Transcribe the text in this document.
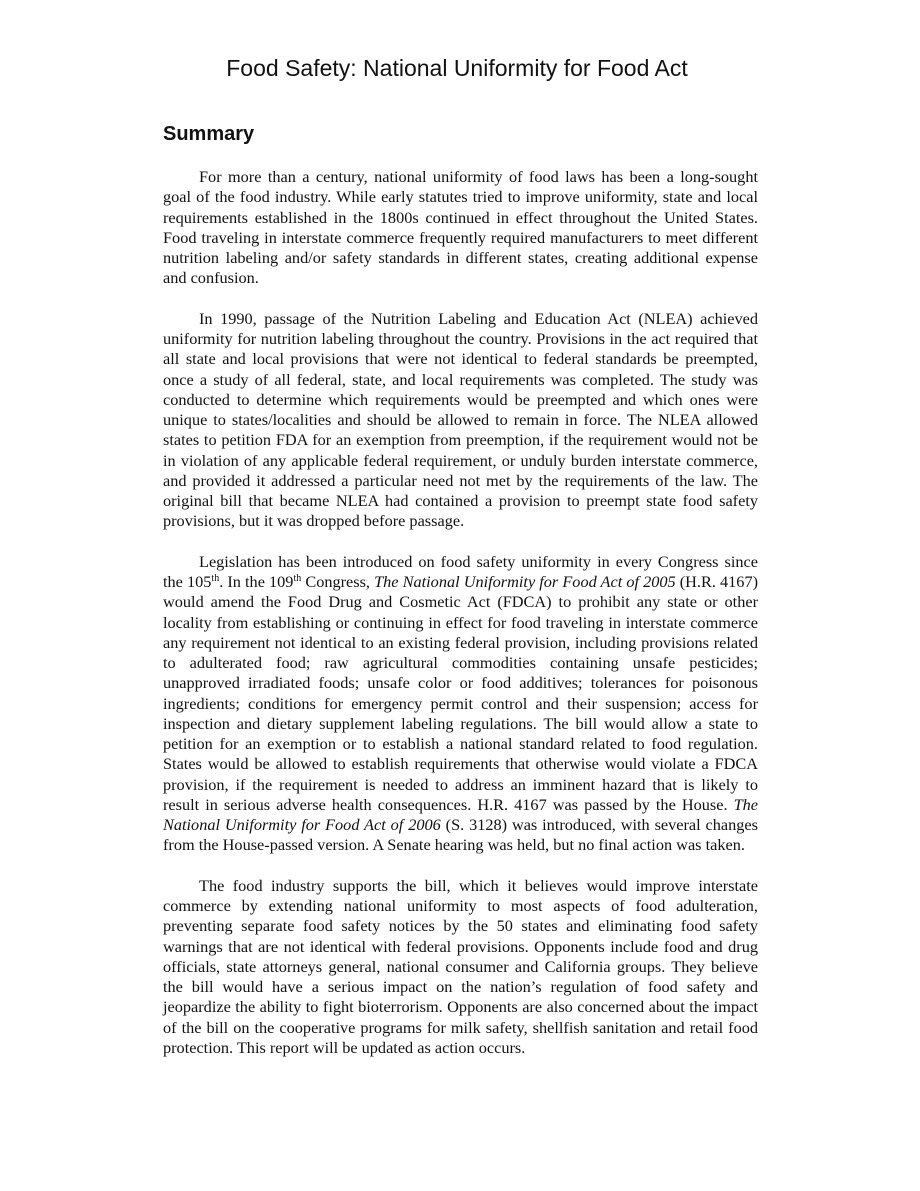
Food Safety: National Uniformity for Food Act
Summary

For more than a century, national uniformity of food laws has been a long-sought goal of the food industry. While early statutes tried to improve uniformity, state and local requirements established in the 1800s continued in effect throughout the United States. Food traveling in interstate commerce frequently required manufacturers to meet different nutrition labeling and/or safety standards in different states, creating additional expense and confusion.

In 1990, passage of the Nutrition Labeling and Education Act (NLEA) achieved uniformity for nutrition labeling throughout the country. Provisions in the act required that all state and local provisions that were not identical to federal standards be preempted, once a study of all federal, state, and local requirements was completed. The study was conducted to determine which requirements would be preempted and which ones were unique to states/localities and should be allowed to remain in force. The NLEA allowed states to petition FDA for an exemption from preemption, if the requirement would not be in violation of any applicable federal requirement, or unduly burden interstate commerce, and provided it addressed a particular need not met by the requirements of the law. The original bill that became NLEA had contained a provision to preempt state food safety provisions, but it was dropped before passage.

Legislation has been introduced on food safety uniformity in every Congress since the 105th. In the 109th Congress, The National Uniformity for Food Act of 2005 (H.R. 4167) would amend the Food Drug and Cosmetic Act (FDCA) to prohibit any state or other locality from establishing or continuing in effect for food traveling in interstate commerce any requirement not identical to an existing federal provision, including provisions related to adulterated food; raw agricultural commodities containing unsafe pesticides; unapproved irradiated foods; unsafe color or food additives; tolerances for poisonous ingredients; conditions for emergency permit control and their suspension; access for inspection and dietary supplement labeling regulations. The bill would allow a state to petition for an exemption or to establish a national standard related to food regulation. States would be allowed to establish requirements that otherwise would violate a FDCA provision, if the requirement is needed to address an imminent hazard that is likely to result in serious adverse health consequences. H.R. 4167 was passed by the House. The National Uniformity for Food Act of 2006 (S. 3128) was introduced, with several changes from the House-passed version. A Senate hearing was held, but no final action was taken.

The food industry supports the bill, which it believes would improve interstate commerce by extending national uniformity to most aspects of food adulteration, preventing separate food safety notices by the 50 states and eliminating food safety warnings that are not identical with federal provisions. Opponents include food and drug officials, state attorneys general, national consumer and California groups. They believe the bill would have a serious impact on the nation’s regulation of food safety and jeopardize the ability to fight bioterrorism. Opponents are also concerned about the impact of the bill on the cooperative programs for milk safety, shellfish sanitation and retail food protection. This report will be updated as action occurs.
